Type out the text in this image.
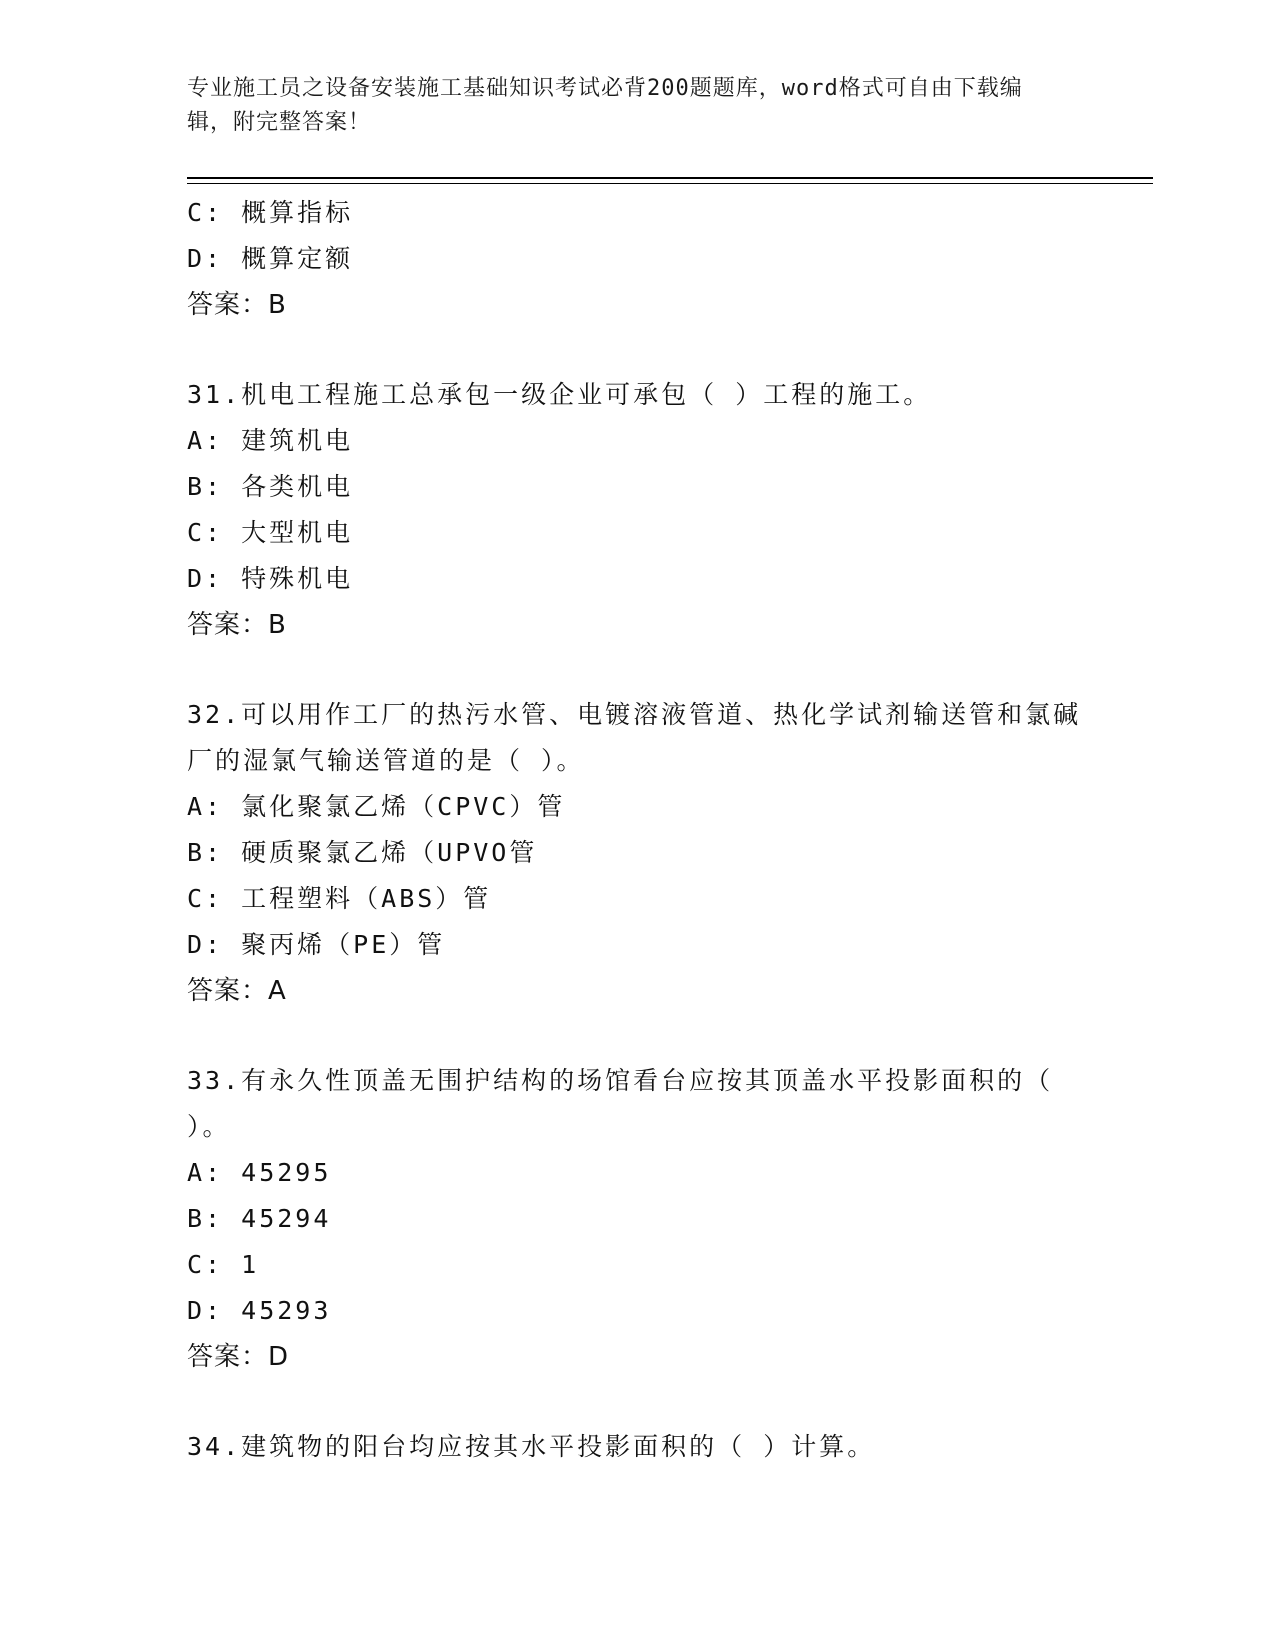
专业施工员之设备安装施工基础知识考试必背200题题库，word格式可自由下载编辑，附完整答案！
C: 概算指标
D: 概算定额
答案：B
31.机电工程施工总承包一级企业可承包（ ）工程的施工。
A: 建筑机电
B: 各类机电
C: 大型机电
D: 特殊机电
答案：B
32.可以用作工厂的热污水管、电镀溶液管道、热化学试剂输送管和氯碱厂的湿氯气输送管道的是（ ）。
A: 氯化聚氯乙烯（CPVC）管
B: 硬质聚氯乙烯（UPVO管
C: 工程塑料（ABS）管
D: 聚丙烯（PE）管
答案：A
33.有永久性顶盖无围护结构的场馆看台应按其顶盖水平投影面积的（ ）。
A: 45295
B: 45294
C: 1
D: 45293
答案：D
34.建筑物的阳台均应按其水平投影面积的（ ）计算。
